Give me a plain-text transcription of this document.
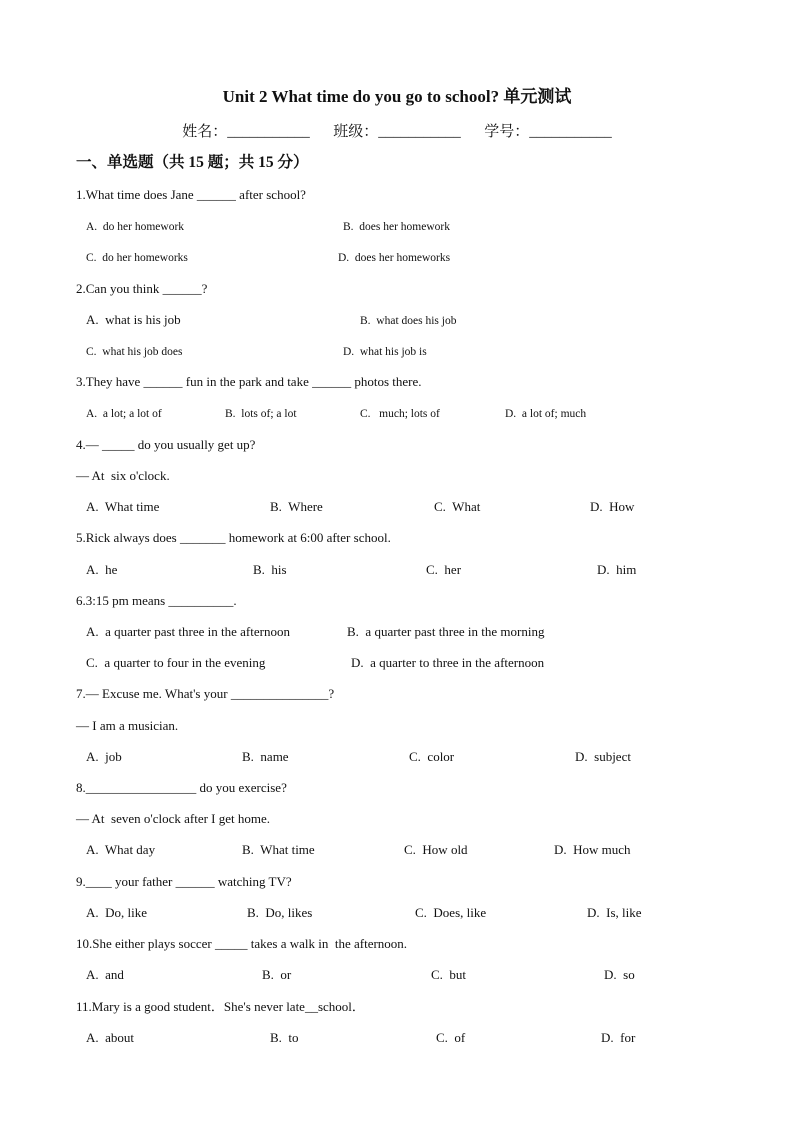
Unit 2 What time do you go to school? 单元测试
姓名：___________ 班级：___________ 学号：___________
一、单选题（共 15 题；共 15 分）
1.What time does Jane ______ after school?
A.  do her homework	B.  does her homework
C.  do her homeworks	D.  does her homeworks
2.Can you think ______?
A.  what is his job	B.  what does his job
C.  what his job does	D.  what his job is
3.They have ______ fun in the park and take ______ photos there.
A.  a lot; a lot of	B.  lots of; a lot	C.   much; lots of	D.  a lot of; much
4.— _____ do you usually get up?
— At  six o'clock.
A.  What time	B.  Where	C.  What	D.  How
5.Rick always does _______ homework at 6:00 after school.
A.  he	B.  his	C.  her	D.  him
6.3:15 pm means __________.
A.  a quarter past three in the afternoon	B.  a quarter past three in the morning
C.  a quarter to four in the evening	D.  a quarter to three in the afternoon
7.— Excuse me. What's your _______________?
— I am a musician.
A.  job	B.  name	C.  color	D.  subject
8._________________ do you exercise?
— At  seven o'clock after I get home.
A.  What day	B.  What time	C.  How old	D.  How much
9.____ your father ______ watching TV?
A.  Do, like	B.  Do, likes	C.  Does, like	D.  Is, like
10.She either plays soccer _____ takes a walk in  the afternoon.
A.  and	B.  or	C.  but	D.  so
11.Mary is a good student．She's never late__school．
A.  about	B.  to	C.  of	D.  for
